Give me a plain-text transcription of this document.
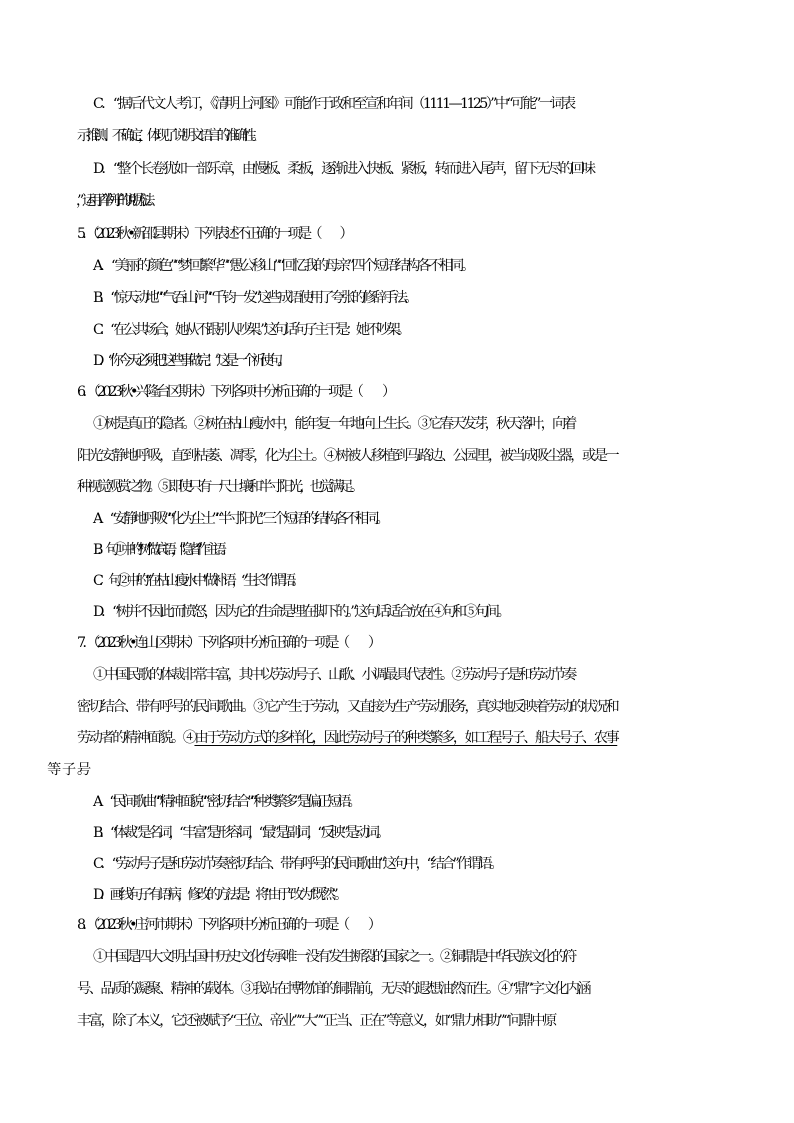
C．“据后代文人考订，《清明上河图》可能作于政和至宣和年间（1111—1125）”中“可能”一词表
示推测、不确定，体现了说明文语言的准确性。
D．“整个长卷犹如一部乐章，由慢板、柔板，逐渐进入快板、紧板，转而进入尾声，留下无尽的回味
”，运用了举例子的说明方法。
5．（2023秋•新邵县期末）下列表述不正确的一项是（　　）
A．“美丽的颜色”“梦回繁华”“愚公移山”“回忆我的母亲”四个短语结构各不相同。
B．“惊天动地”“气吞山河”“千钧一发”这些成语使用了夸张的修辞手法。
C．“在公共场合，她从不跟别人吵架。”这句话句子主干是：她不吵架。
D．“你今天必须把这些事做完！”这是一个祈使句。
6．（2023秋•兴隆台区期末）下列各项中分析正确的一项是（　　）
①树是真正的隐者。②树在枯山瘦水中，能年复一年地向上生长。③它春天发芽，秋天落叶，向着
阳光安静地呼吸，直到枯萎、凋零，化为尘土。④树被人移植到马路边、公园里，被当成吸尘器，或是一
种视觉观赏之物。⑤即使只有一尺土壤和半寸阳光，也觉满足。
A．“安静地呼吸”“化为尘土”“半寸阳光”三个短语的结构各不相同。
B．句①中的“树”做宾语，“隐者”作主语。
C．句②中的“在枯山瘦水中”做补语，“生长”作谓语。
D．“树并不因此而愤怒，因为它的生命是埋在脚下的。”这句话适合放在④句和⑤句间。
7．（2023秋•连山区期末）下列各项中分析正确的一项是（　　）
①中国民歌的体裁非常丰富，其中以劳动号子、山歌、小调最具代表性。②劳动号子是和劳动节奏
密切结合、带有呼号的民间歌曲。③它产生于劳动，又直接为生产劳动服务，真实地反映着劳动的状况和
劳动者的精神面貌。④由于劳动方式的多样化，因此劳动号子的种类繁多，如工程号子、船夫号子、农事
A．“民间歌曲”“精神面貌”“密切结合”“种类繁多”是偏正短语。
B．“体裁”是名词，“丰富”是形容词，“最”是副词，“反映”是动词。
C．“劳动号子是和劳动节奏密切结合、带有呼号的民间歌曲”这句中，“结合”作谓语。
D．画线句子有语病，修改的方法是：将“由于”改为“既然”。
8．（2023秋•庄河市期末）下列各项中分析正确的一项是（　　）
①中国是四大文明古国中历史文化传承唯一没有发生断裂的国家之一。②铜鼎是中华民族文化的符
号、品质的凝聚、精神的载体。③我站在博物馆的铜鼎前，无尽的遐想油然而生。④“鼎”字文化内涵
丰富，除了本义，它还被赋予“王位、帝业”“大”“正当、正在”等意义，如“鼎力相助”“问鼎中原
